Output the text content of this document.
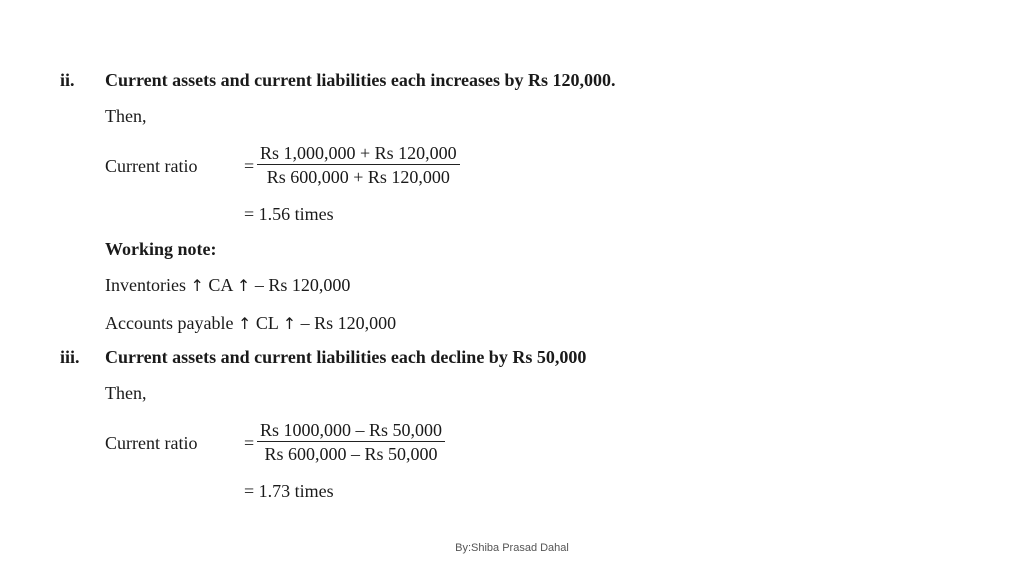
ii. Current assets and current liabilities each increases by Rs 120,000.
Then,
Current ratio	= $\frac{Rs 1,000,000 + Rs 120,000}{Rs 600,000 + Rs 120,000}$
= 1.56 times
Working note:
Inventories ↑ CA ↑ – Rs 120,000
Accounts payable ↑ CL ↑ – Rs 120,000
iii. Current assets and current liabilities each decline by Rs 50,000
Then,
Current ratio	= $\frac{Rs 1000,000 - Rs 50,000}{Rs 600,000 - Rs 50,000}$
= 1.73 times
By:Shiba Prasad Dahal
